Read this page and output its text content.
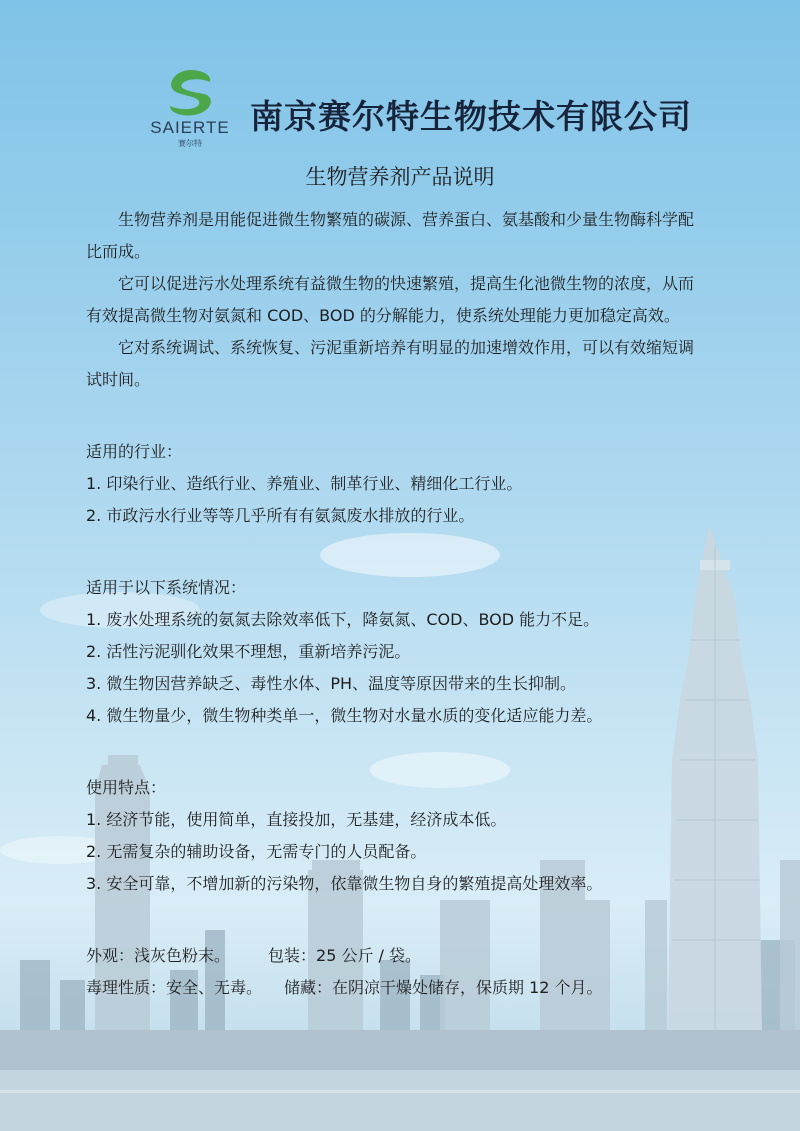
SAIERTE
赛尔特
南京赛尔特生物技术有限公司
生物营养剂产品说明

生物营养剂是用能促进微生物繁殖的碳源、营养蛋白、氨基酸和少量生物酶科学配比而成。

它可以促进污水处理系统有益微生物的快速繁殖，提高生化池微生物的浓度，从而有效提高微生物对氨氮和 COD、BOD 的分解能力，使系统处理能力更加稳定高效。

它对系统调试、系统恢复、污泥重新培养有明显的加速增效作用，可以有效缩短调试时间。

适用的行业：

1. 印染行业、造纸行业、养殖业、制革行业、精细化工行业。

2. 市政污水行业等等几乎所有有氨氮废水排放的行业。

适用于以下系统情况：

1. 废水处理系统的氨氮去除效率低下，降氨氮、COD、BOD 能力不足。

2. 活性污泥驯化效果不理想，重新培养污泥。

3. 微生物因营养缺乏、毒性水体、PH、温度等原因带来的生长抑制。

4. 微生物量少，微生物种类单一，微生物对水量水质的变化适应能力差。

使用特点：

1. 经济节能，使用简单，直接投加，无基建，经济成本低。

2. 无需复杂的辅助设备，无需专门的人员配备。

3. 安全可靠，不增加新的污染物，依靠微生物自身的繁殖提高处理效率。

外观：浅灰色粉末。 包装：25 公斤 / 袋。

毒理性质：安全、无毒。 储藏：在阴凉干燥处储存，保质期 12 个月。
